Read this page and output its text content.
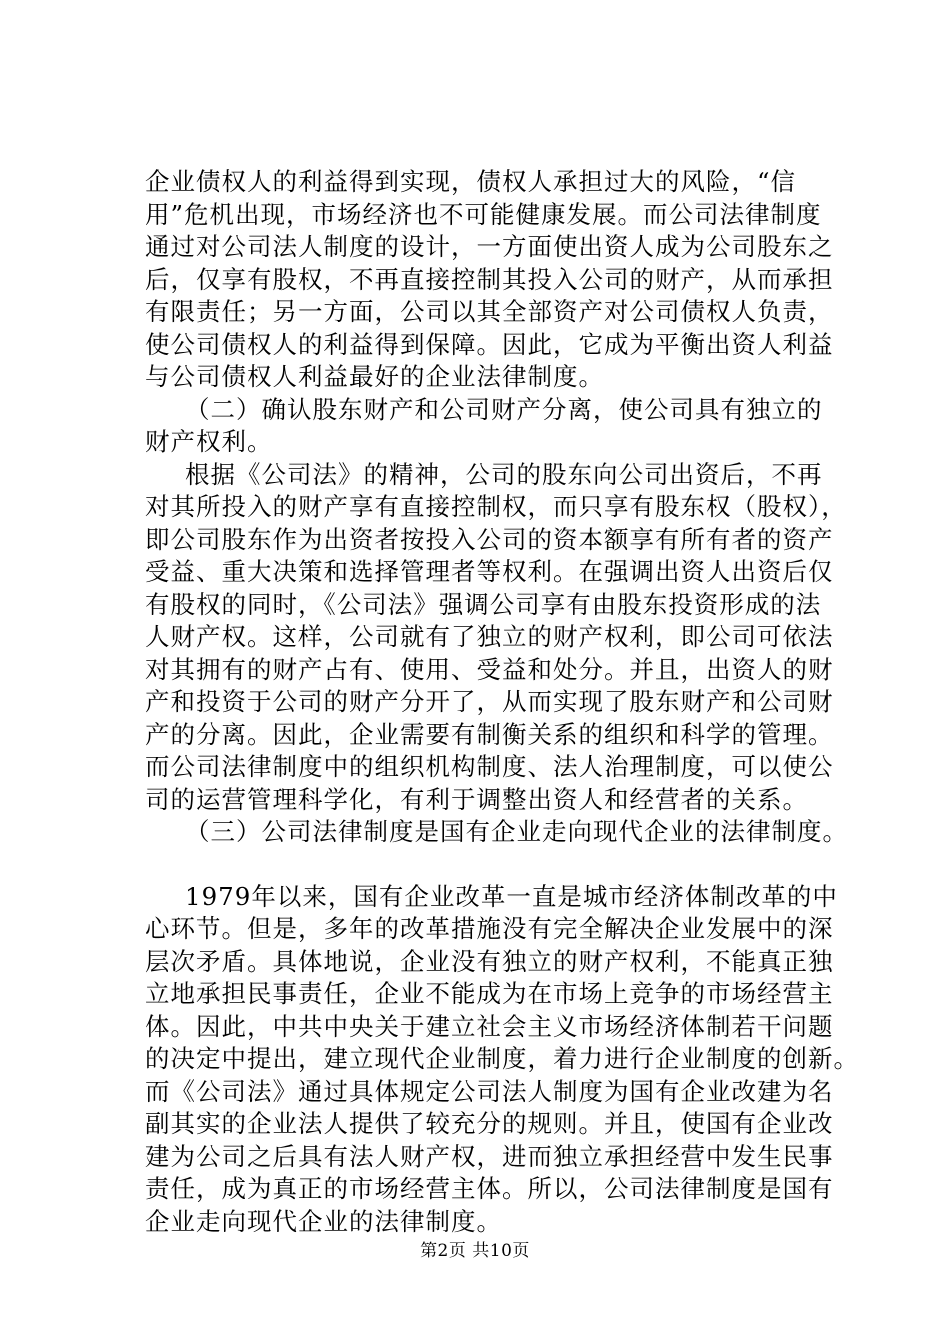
企业债权人的利益得到实现，债权人承担过大的风险，“信
用”危机出现，市场经济也不可能健康发展。而公司法律制度
通过对公司法人制度的设计，一方面使出资人成为公司股东之
后，仅享有股权，不再直接控制其投入公司的财产，从而承担
有限责任；另一方面，公司以其全部资产对公司债权人负责，
使公司债权人的利益得到保障。因此，它成为平衡出资人利益
与公司债权人利益最好的企业法律制度。

（二）确认股东财产和公司财产分离，使公司具有独立的
财产权利。

根据《公司法》的精神，公司的股东向公司出资后，不再
对其所投入的财产享有直接控制权，而只享有股东权（股权），
即公司股东作为出资者按投入公司的资本额享有所有者的资产
受益、重大决策和选择管理者等权利。在强调出资人出资后仅
有股权的同时，《公司法》强调公司享有由股东投资形成的法
人财产权。这样，公司就有了独立的财产权利，即公司可依法
对其拥有的财产占有、使用、受益和处分。并且，出资人的财
产和投资于公司的财产分开了，从而实现了股东财产和公司财
产的分离。因此，企业需要有制衡关系的组织和科学的管理。
而公司法律制度中的组织机构制度、法人治理制度，可以使公
司的运营管理科学化，有利于调整出资人和经营者的关系。

（三）公司法律制度是国有企业走向现代企业的法律制度。

1979年以来，国有企业改革一直是城市经济体制改革的中
心环节。但是，多年的改革措施没有完全解决企业发展中的深
层次矛盾。具体地说，企业没有独立的财产权利，不能真正独
立地承担民事责任，企业不能成为在市场上竞争的市场经营主
体。因此，中共中央关于建立社会主义市场经济体制若干问题
的决定中提出，建立现代企业制度，着力进行企业制度的创新。
而《公司法》通过具体规定公司法人制度为国有企业改建为名
副其实的企业法人提供了较充分的规则。并且，使国有企业改
建为公司之后具有法人财产权，进而独立承担经营中发生民事
责任，成为真正的市场经营主体。所以，公司法律制度是国有
企业走向现代企业的法律制度。

第2页 共10页
